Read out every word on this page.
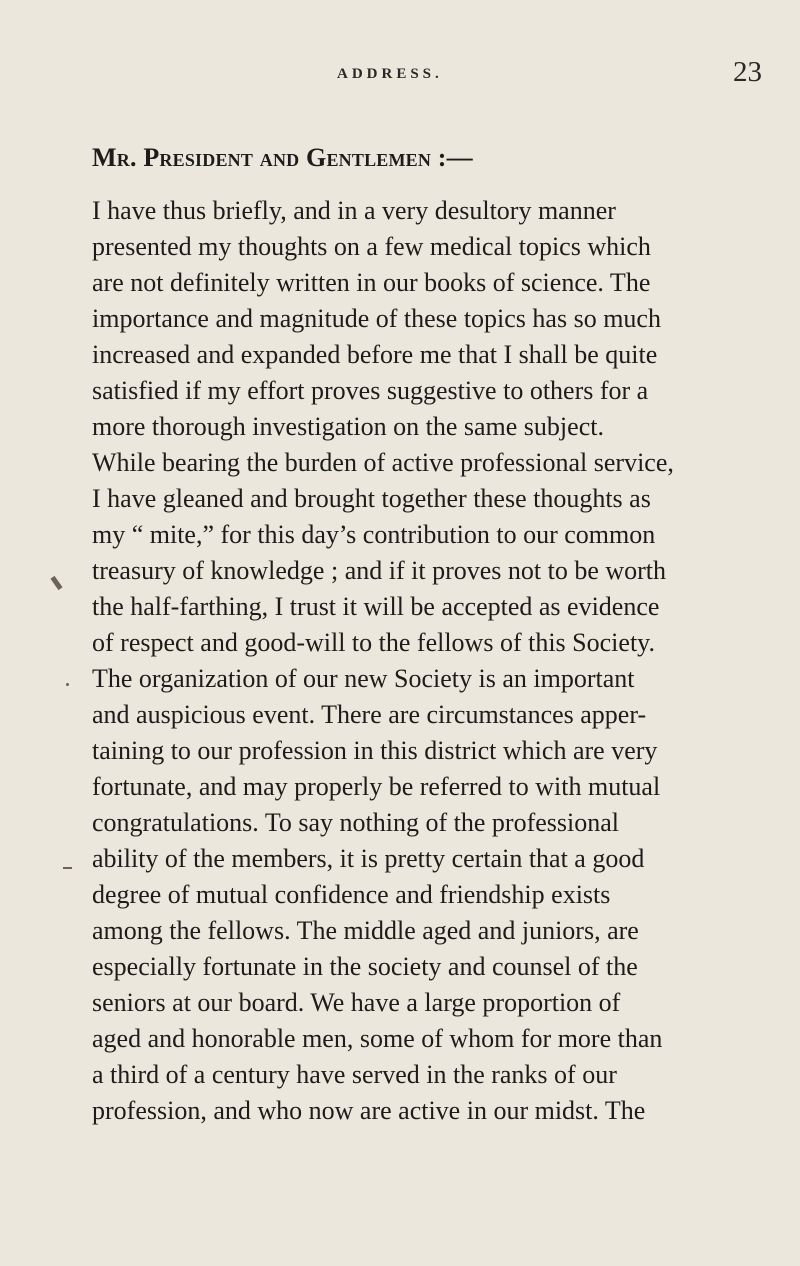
ADDRESS.	23
Mr. President and Gentlemen :—
I have thus briefly, and in a very desultory manner
presented my thoughts on a few medical topics which
are not definitely written in our books of science. The
importance and magnitude of these topics has so much
increased and expanded before me that I shall be quite
satisfied if my effort proves suggestive to others for a
more thorough investigation on the same subject.
While bearing the burden of active professional service,
I have gleaned and brought together these thoughts as
my “ mite,” for this day’s contribution to our common
treasury of knowledge ; and if it proves not to be worth
the half-farthing, I trust it will be accepted as evidence
of respect and good-will to the fellows of this Society.
The organization of our new Society is an important
and auspicious event. There are circumstances apper-
taining to our profession in this district which are very
fortunate, and may properly be referred to with mutual
congratulations. To say nothing of the professional
ability of the members, it is pretty certain that a good
degree of mutual confidence and friendship exists
among the fellows. The middle aged and juniors, are
especially fortunate in the society and counsel of the
seniors at our board. We have a large proportion of
aged and honorable men, some of whom for more than
a third of a century have served in the ranks of our
profession, and who now are active in our midst. The
